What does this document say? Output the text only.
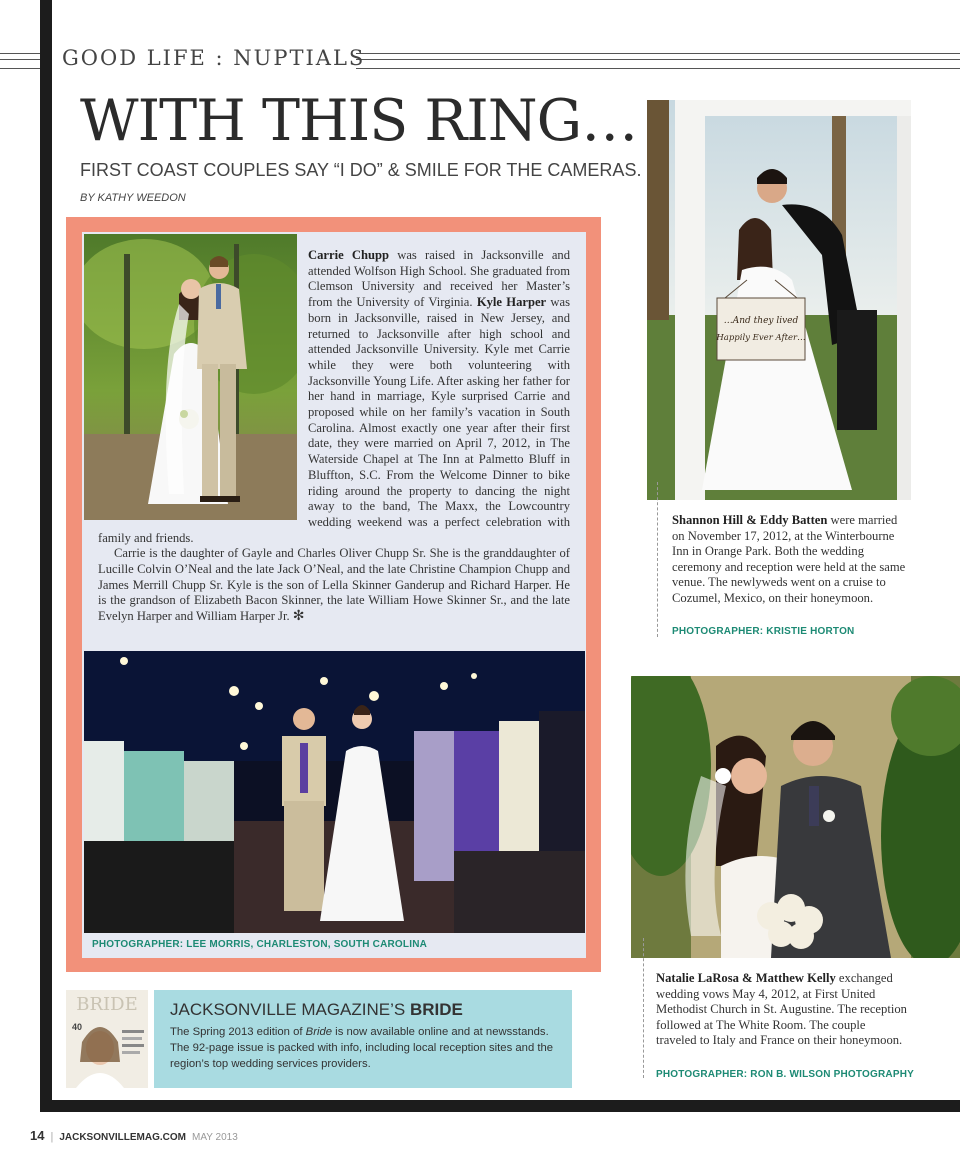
GOOD LIFE : NUPTIALS
WITH THIS RING…
FIRST COAST COUPLES SAY “I DO” & SMILE FOR THE CAMERAS.
BY KATHY WEEDON

Carrie Chupp was raised in Jacksonville and attended Wolfson High School. She graduated from Clemson University and received her Master’s from the University of Virginia. Kyle Harper was born in Jacksonville, raised in New Jersey, and returned to Jacksonville after high school and attended Jacksonville University. Kyle met Carrie while they were both volunteering with Jacksonville Young Life. After asking her father for her hand in marriage, Kyle surprised Carrie and proposed while on her family’s vacation in South Carolina. Almost exactly one year after their first date, they were married on April 7, 2012, in The Waterside Chapel at The Inn at Palmetto Bluff in Bluffton, S.C. From the Welcome Dinner to bike riding around the property to dancing the night away to the band, The Maxx, the Lowcountry wedding weekend was a perfect celebration with family and friends.

Carrie is the daughter of Gayle and Charles Oliver Chupp Sr. She is the granddaughter of Lucille Colvin O’Neal and the late Jack O’Neal, and the late Christine Champion Chupp and James Merrill Chupp Sr. Kyle is the son of Lella Skinner Ganderup and Richard Harper. He is the grandson of Elizabeth Bacon Skinner, the late William Howe Skinner Sr., and the late Evelyn Harper and William Harper Jr. ✻

PHOTOGRAPHER: LEE MORRIS, CHARLESTON, SOUTH CAROLINA
…And they lived
Happily Ever After…
Shannon Hill & Eddy Batten were married on November 17, 2012, at the Winterbourne Inn in Orange Park. Both the wedding ceremony and reception were held at the same venue. The newlyweds went on a cruise to Cozumel, Mexico, on their honeymoon.
PHOTOGRAPHER: KRISTIE HORTON
Natalie LaRosa & Matthew Kelly exchanged wedding vows May 4, 2012, at First United Methodist Church in St. Augustine. The reception followed at The White Room. The couple traveled to Italy and France on their honeymoon.
PHOTOGRAPHER: RON B. WILSON PHOTOGRAPHY
BRIDE
40
JACKSONVILLE MAGAZINE’S BRIDE
The Spring 2013 edition of Bride is now available online and at newsstands. The 92-page issue is packed with info, including local reception sites and the region’s top wedding services providers.
14 | JACKSONVILLEMAG.COM MAY 2013
